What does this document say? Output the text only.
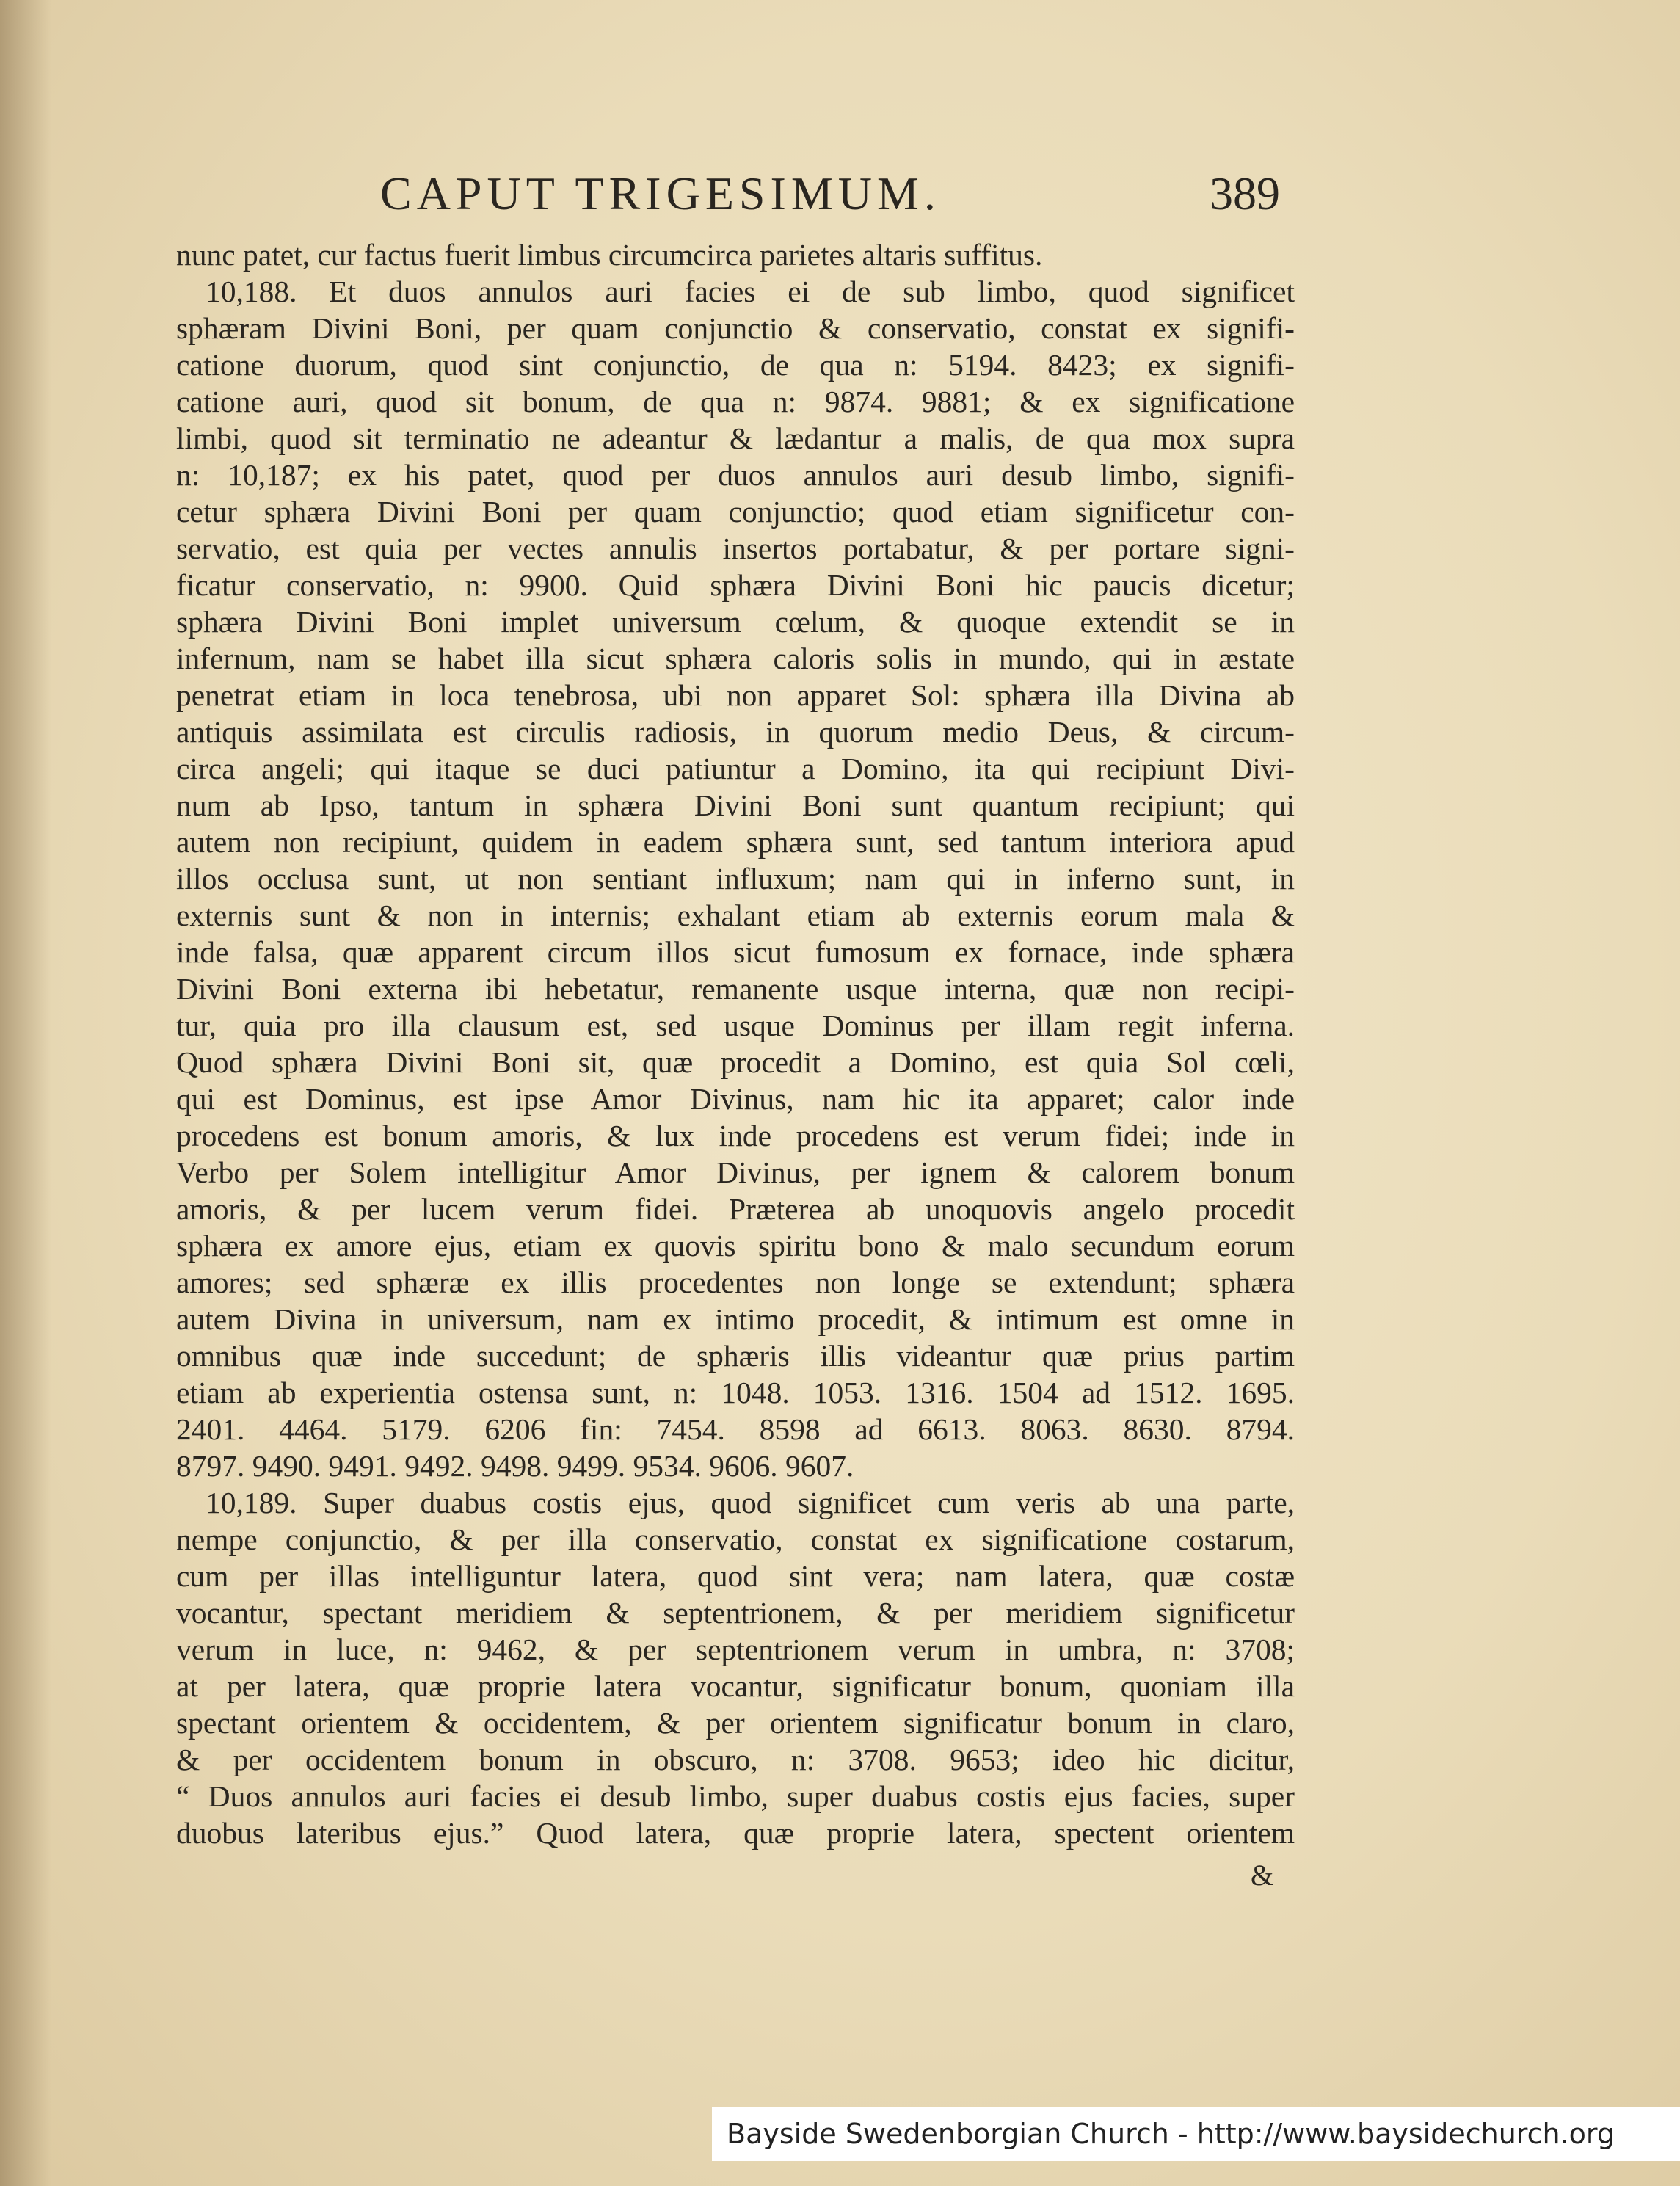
CAPUT TRIGESIMUM.	389
nunc patet, cur factus fuerit limbus circumcirca parietes altaris suffitus.
10,188. Et duos annulos auri facies ei de sub limbo, quod significet
sphæram Divini Boni, per quam conjunctio & conservatio, constat ex signifi-
catione duorum, quod sint conjunctio, de qua n: 5194. 8423; ex signifi-
catione auri, quod sit bonum, de qua n: 9874. 9881; & ex significatione
limbi, quod sit terminatio ne adeantur & lædantur a malis, de qua mox supra
n: 10,187; ex his patet, quod per duos annulos auri desub limbo, signifi-
cetur sphæra Divini Boni per quam conjunctio; quod etiam significetur con-
servatio, est quia per vectes annulis insertos portabatur, & per portare signi-
ficatur conservatio, n: 9900. Quid sphæra Divini Boni hic paucis dicetur;
sphæra Divini Boni implet universum cœlum, & quoque extendit se in
infernum, nam se habet illa sicut sphæra caloris solis in mundo, qui in æstate
penetrat etiam in loca tenebrosa, ubi non apparet Sol: sphæra illa Divina ab
antiquis assimilata est circulis radiosis, in quorum medio Deus, & circum-
circa angeli; qui itaque se duci patiuntur a Domino, ita qui recipiunt Divi-
num ab Ipso, tantum in sphæra Divini Boni sunt quantum recipiunt; qui
autem non recipiunt, quidem in eadem sphæra sunt, sed tantum interiora apud
illos occlusa sunt, ut non sentiant influxum; nam qui in inferno sunt, in
externis sunt & non in internis; exhalant etiam ab externis eorum mala &
inde falsa, quæ apparent circum illos sicut fumosum ex fornace, inde sphæra
Divini Boni externa ibi hebetatur, remanente usque interna, quæ non recipi-
tur, quia pro illa clausum est, sed usque Dominus per illam regit inferna.
Quod sphæra Divini Boni sit, quæ procedit a Domino, est quia Sol cœli,
qui est Dominus, est ipse Amor Divinus, nam hic ita apparet; calor inde
procedens est bonum amoris, & lux inde procedens est verum fidei; inde in
Verbo per Solem intelligitur Amor Divinus, per ignem & calorem bonum
amoris, & per lucem verum fidei. Præterea ab unoquovis angelo procedit
sphæra ex amore ejus, etiam ex quovis spiritu bono & malo secundum eorum
amores; sed sphæræ ex illis procedentes non longe se extendunt; sphæra
autem Divina in universum, nam ex intimo procedit, & intimum est omne in
omnibus quæ inde succedunt; de sphæris illis videantur quæ prius partim
etiam ab experientia ostensa sunt, n: 1048. 1053. 1316. 1504 ad 1512. 1695.
2401. 4464. 5179. 6206 fin: 7454. 8598 ad 6613. 8063. 8630. 8794.
8797. 9490. 9491. 9492. 9498. 9499. 9534. 9606. 9607.
10,189. Super duabus costis ejus, quod significet cum veris ab una parte,
nempe conjunctio, & per illa conservatio, constat ex significatione costarum,
cum per illas intelliguntur latera, quod sint vera; nam latera, quæ costæ
vocantur, spectant meridiem & septentrionem, & per meridiem significetur
verum in luce, n: 9462, & per septentrionem verum in umbra, n: 3708;
at per latera, quæ proprie latera vocantur, significatur bonum, quoniam illa
spectant orientem & occidentem, & per orientem significatur bonum in claro,
& per occidentem bonum in obscuro, n: 3708. 9653; ideo hic dicitur,
“ Duos annulos auri facies ei desub limbo, super duabus costis ejus facies, super
duobus lateribus ejus.” Quod latera, quæ proprie latera, spectent orientem
&
Bayside Swedenborgian Church - http://www.baysidechurch.org
